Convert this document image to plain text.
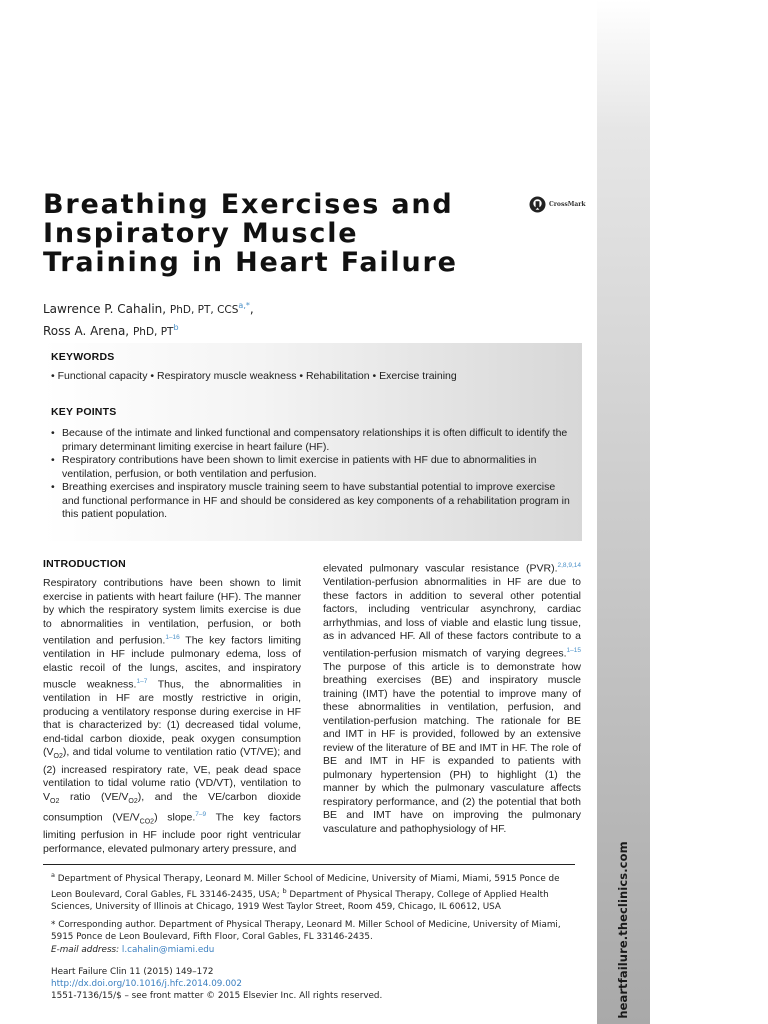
heartfailure.theclinics.com
Breathing Exercises and
Inspiratory Muscle
Training in Heart Failure
CrossMark
Lawrence P. Cahalin, PhD, PT, $CCS^{a,*}$,
Ross A. Arena, PhD, $PT^b$
KEYWORDS
• Functional capacity • Respiratory muscle weakness • Rehabilitation • Exercise training
KEY POINTS
• Because of the intimate and linked functional and compensatory relationships it is often difficult to identify the primary determinant limiting exercise in heart failure (HF).
• Respiratory contributions have been shown to limit exercise in patients with HF due to abnormalities in ventilation, perfusion, or both ventilation and perfusion.
• Breathing exercises and inspiratory muscle training seem to have substantial potential to improve exercise and functional performance in HF and should be considered as key components of a rehabilitation program in this patient population.
INTRODUCTION
Respiratory contributions have been shown to limit exercise in patients with heart failure (HF). The manner by which the respiratory system limits exercise is due to abnormalities in ventilation, perfusion, or both ventilation and perfusion.$^{1-16}$ The key factors limiting ventilation in HF include pulmonary edema, loss of elastic recoil of the lungs, ascites, and inspiratory muscle weakness.$^{1-7}$ Thus, the abnormalities in ventilation in HF are mostly restrictive in origin, producing a ventilatory response during exercise in HF that is characterized by: (1) decreased tidal volume, end-tidal carbon dioxide, peak oxygen consumption $(V_{O2})$, and tidal volume to ventilation ratio (VT/VE); and (2) increased respiratory rate, VE, peak dead space ventilation to tidal volume ratio (VD/VT), ventilation to $V_{O2}$ ratio $(VE/V_{O2})$, and the VE/carbon dioxide consumption $(VE/V_{CO2})$ slope.$^{7-9}$ The key factors limiting perfusion in HF include poor right ventricular performance, elevated pulmonary artery pressure, and
elevated pulmonary vascular resistance (PVR).$^{2,8,9,14}$ Ventilation-perfusion abnormalities in HF are due to these factors in addition to several other potential factors, including ventricular asynchrony, cardiac arrhythmias, and loss of viable and elastic lung tissue, as in advanced HF. All of these factors contribute to a ventilation-perfusion mismatch of varying degrees.$^{1-15}$ The purpose of this article is to demonstrate how breathing exercises (BE) and inspiratory muscle training (IMT) have the potential to improve many of these abnormalities in ventilation, perfusion, and ventilation-perfusion matching. The rationale for BE and IMT in HF is provided, followed by an extensive review of the literature of BE and IMT in HF. The role of BE and IMT in HF is expanded to patients with pulmonary hypertension (PH) to highlight (1) the manner by which the pulmonary vasculature affects respiratory performance, and (2) the potential that both BE and IMT have on improving the pulmonary vasculature and pathophysiology of HF.
$^a$ Department of Physical Therapy, Leonard M. Miller School of Medicine, University of Miami, Miami, 5915 Ponce de Leon Boulevard, Coral Gables, FL 33146-2435, USA; $^b$ Department of Physical Therapy, College of Applied Health Sciences, University of Illinois at Chicago, 1919 West Taylor Street, Room 459, Chicago, IL 60612, USA
* Corresponding author. Department of Physical Therapy, Leonard M. Miller School of Medicine, University of Miami, 5915 Ponce de Leon Boulevard, Fifth Floor, Coral Gables, FL 33146-2435.
E-mail address: l.cahalin@miami.edu
Heart Failure Clin 11 (2015) 149–172
http://dx.doi.org/10.1016/j.hfc.2014.09.002
1551-7136/15/$ – see front matter © 2015 Elsevier Inc. All rights reserved.
